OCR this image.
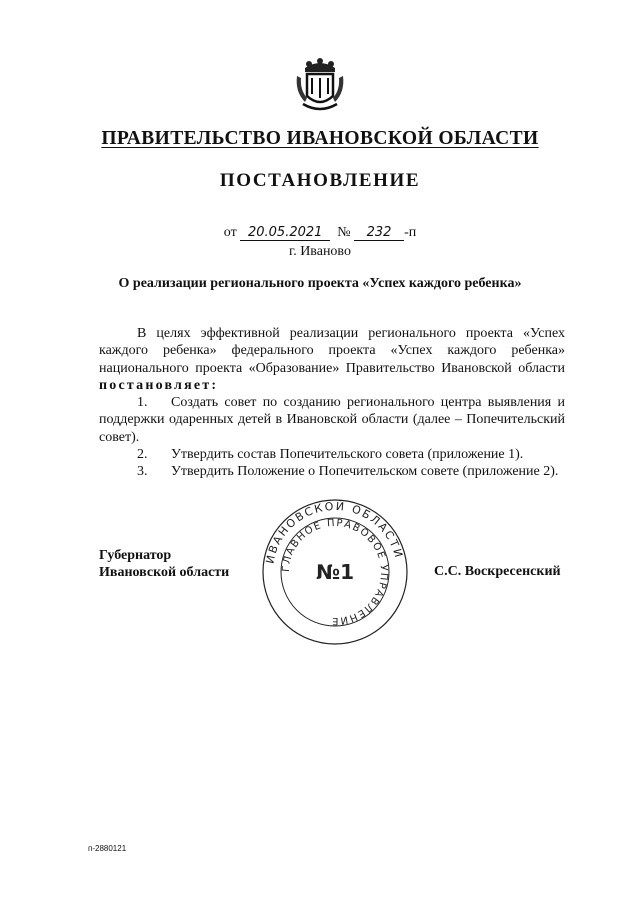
ПРАВИТЕЛЬСТВО ИВАНОВСКОЙ ОБЛАСТИ
ПОСТАНОВЛЕНИЕ
от 20.05.2021 № 232 -п
г. Иваново
О реализации регионального проекта «Успех каждого ребенка»

В целях эффективной реализации регионального проекта «Успех каждого ребенка» федерального проекта «Успех каждого ребенка» национального проекта «Образование» Правительство Ивановской области постановляет:

1. Создать совет по созданию регионального центра выявления и поддержки одаренных детей в Ивановской области (далее – Попечительский совет).

2. Утвердить состав Попечительского совета (приложение 1).

3. Утвердить Положение о Попечительском совете (приложение 2).

ИВАНОВСКОЙ ОБЛАСТИ
ГЛАВНОЕ ПРАВОВОЕ УПРАВЛЕНИЕ
№1
Губернатор
Ивановской области	С.С. Воскресенский
п-2880121
